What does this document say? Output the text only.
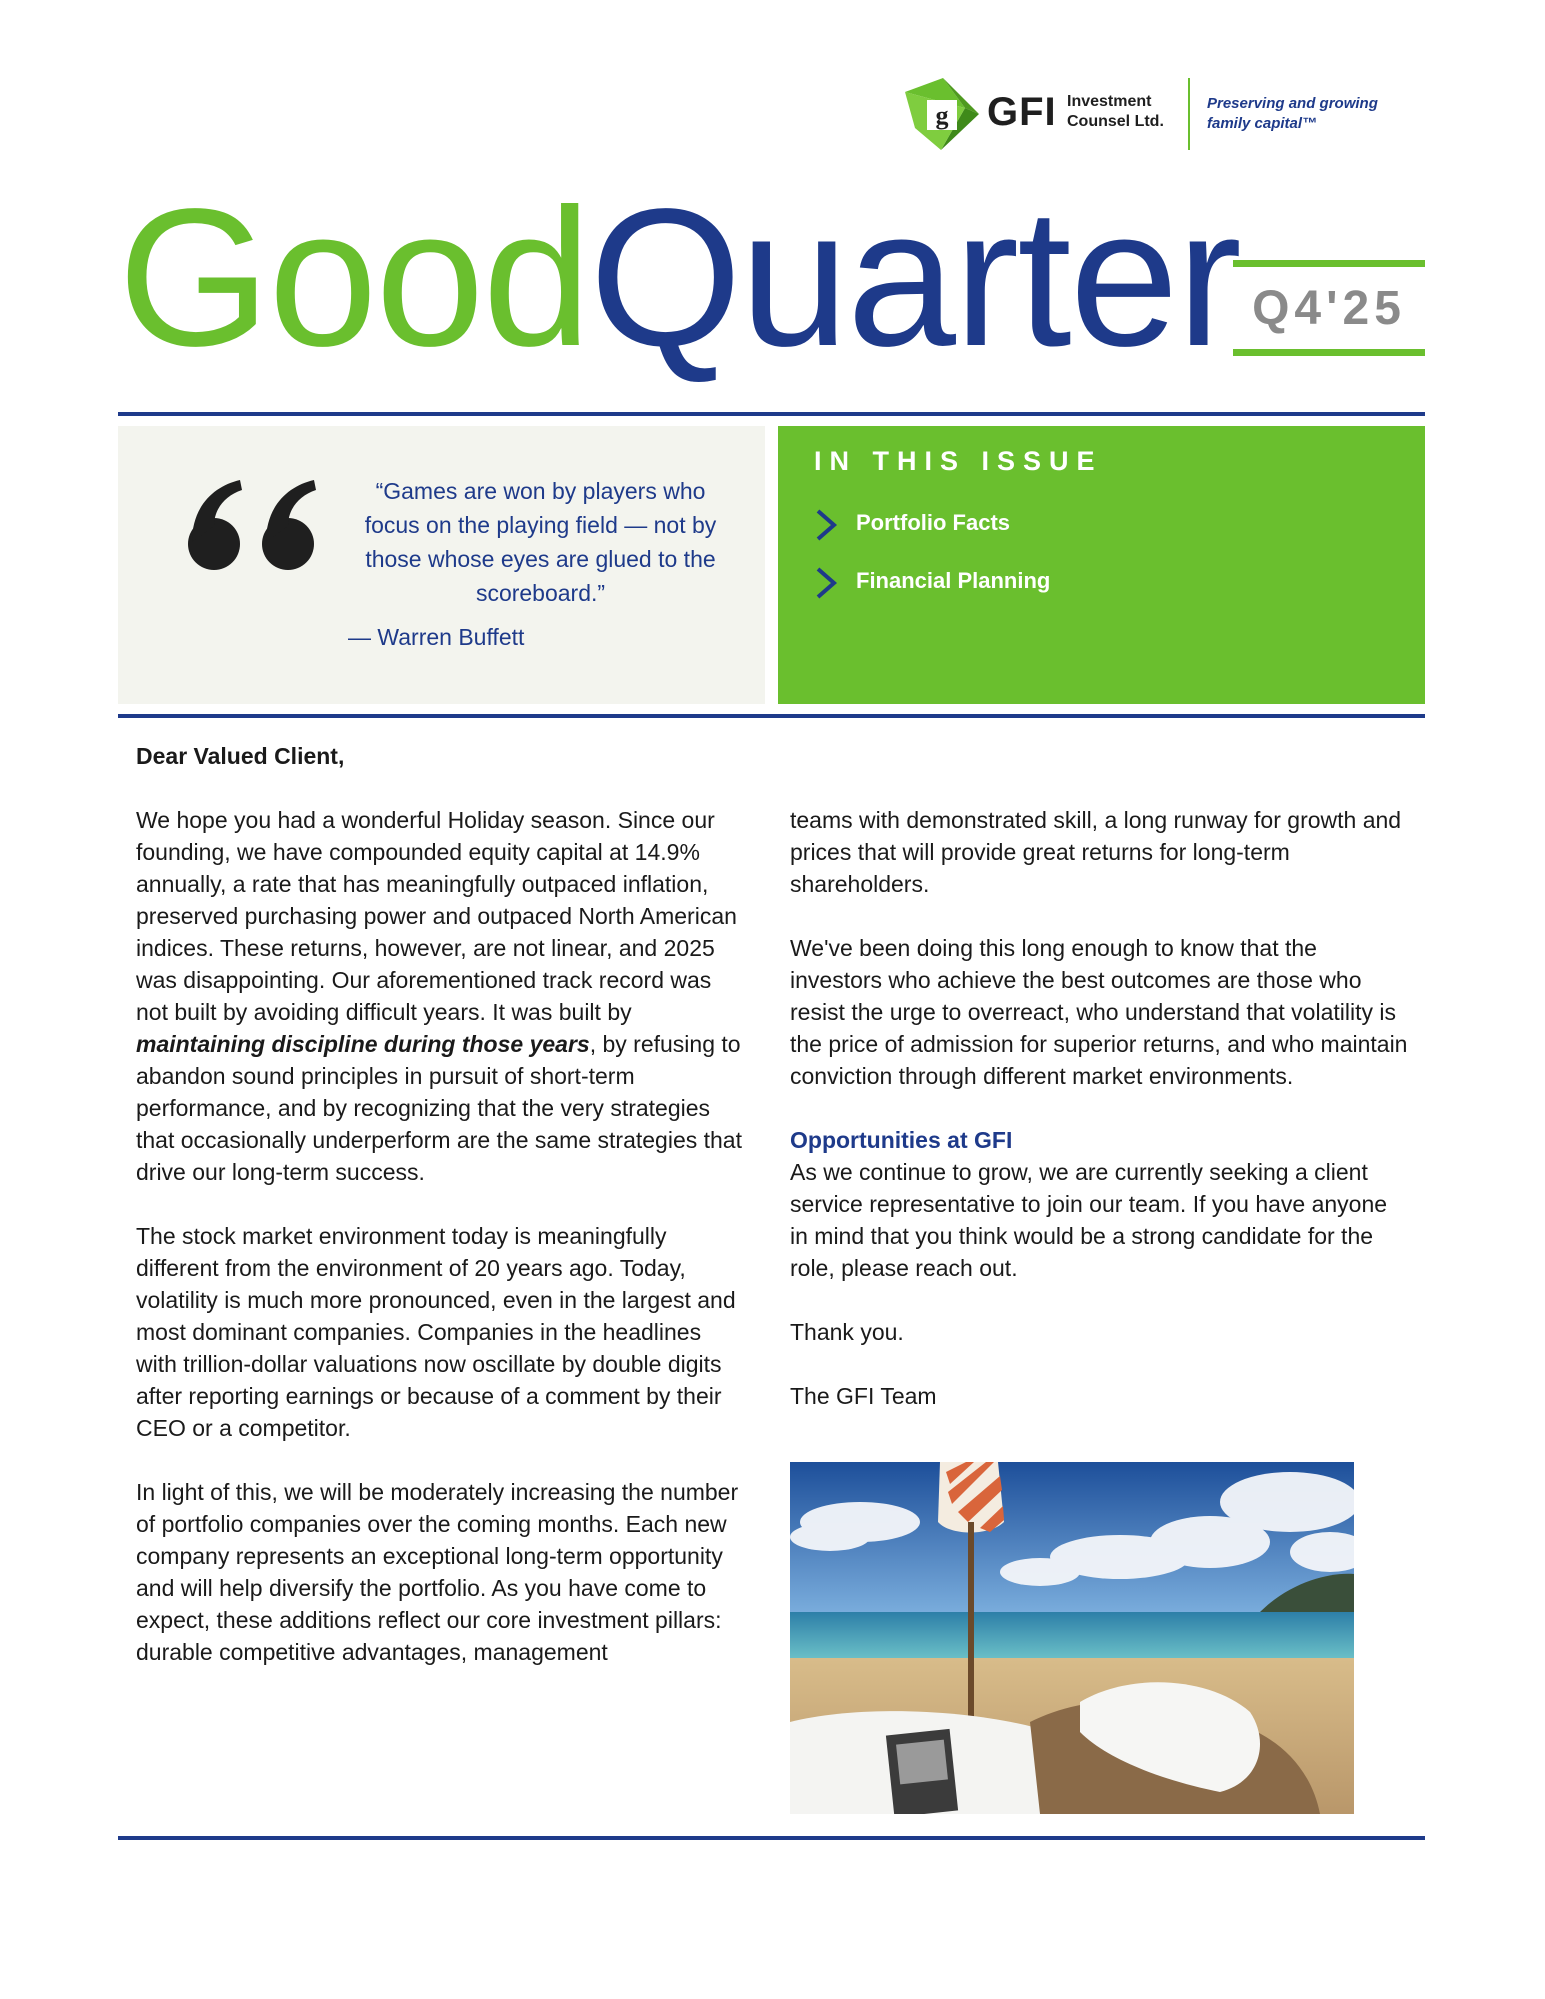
g GFI Investment Counsel Ltd.
Preserving and growing family capital™
GoodQuarter Q4'25
“Games are won by players who focus on the playing field — not by those whose eyes are glued to the scoreboard.”
— Warren Buffett
IN THIS ISSUE
Portfolio Facts
Financial Planning
Dear Valued Client,

We hope you had a wonderful Holiday season. Since our founding, we have compounded equity capital at 14.9% annually, a rate that has meaningfully outpaced inflation, preserved purchasing power and outpaced North American indices. These returns, however, are not linear, and 2025 was disappointing. Our aforementioned track record was not built by avoiding difficult years. It was built by maintaining discipline during those years, by refusing to abandon sound principles in pursuit of short-term performance, and by recognizing that the very strategies that occasionally underperform are the same strategies that drive our long-term success.

The stock market environment today is meaningfully different from the environment of 20 years ago. Today, volatility is much more pronounced, even in the largest and most dominant companies. Companies in the headlines with trillion-dollar valuations now oscillate by double digits after reporting earnings or because of a comment by their CEO or a competitor.

In light of this, we will be moderately increasing the number of portfolio companies over the coming months. Each new company represents an exceptional long-term opportunity and will help diversify the portfolio. As you have come to expect, these additions reflect our core investment pillars: durable competitive advantages, management

teams with demonstrated skill, a long runway for growth and prices that will provide great returns for long-term shareholders.

We've been doing this long enough to know that the investors who achieve the best outcomes are those who resist the urge to overreact, who understand that volatility is the price of admission for superior returns, and who maintain conviction through different market environments.

Opportunities at GFI

As we continue to grow, we are currently seeking a client service representative to join our team. If you have anyone in mind that you think would be a strong candidate for the role, please reach out.

Thank you.

The GFI Team
